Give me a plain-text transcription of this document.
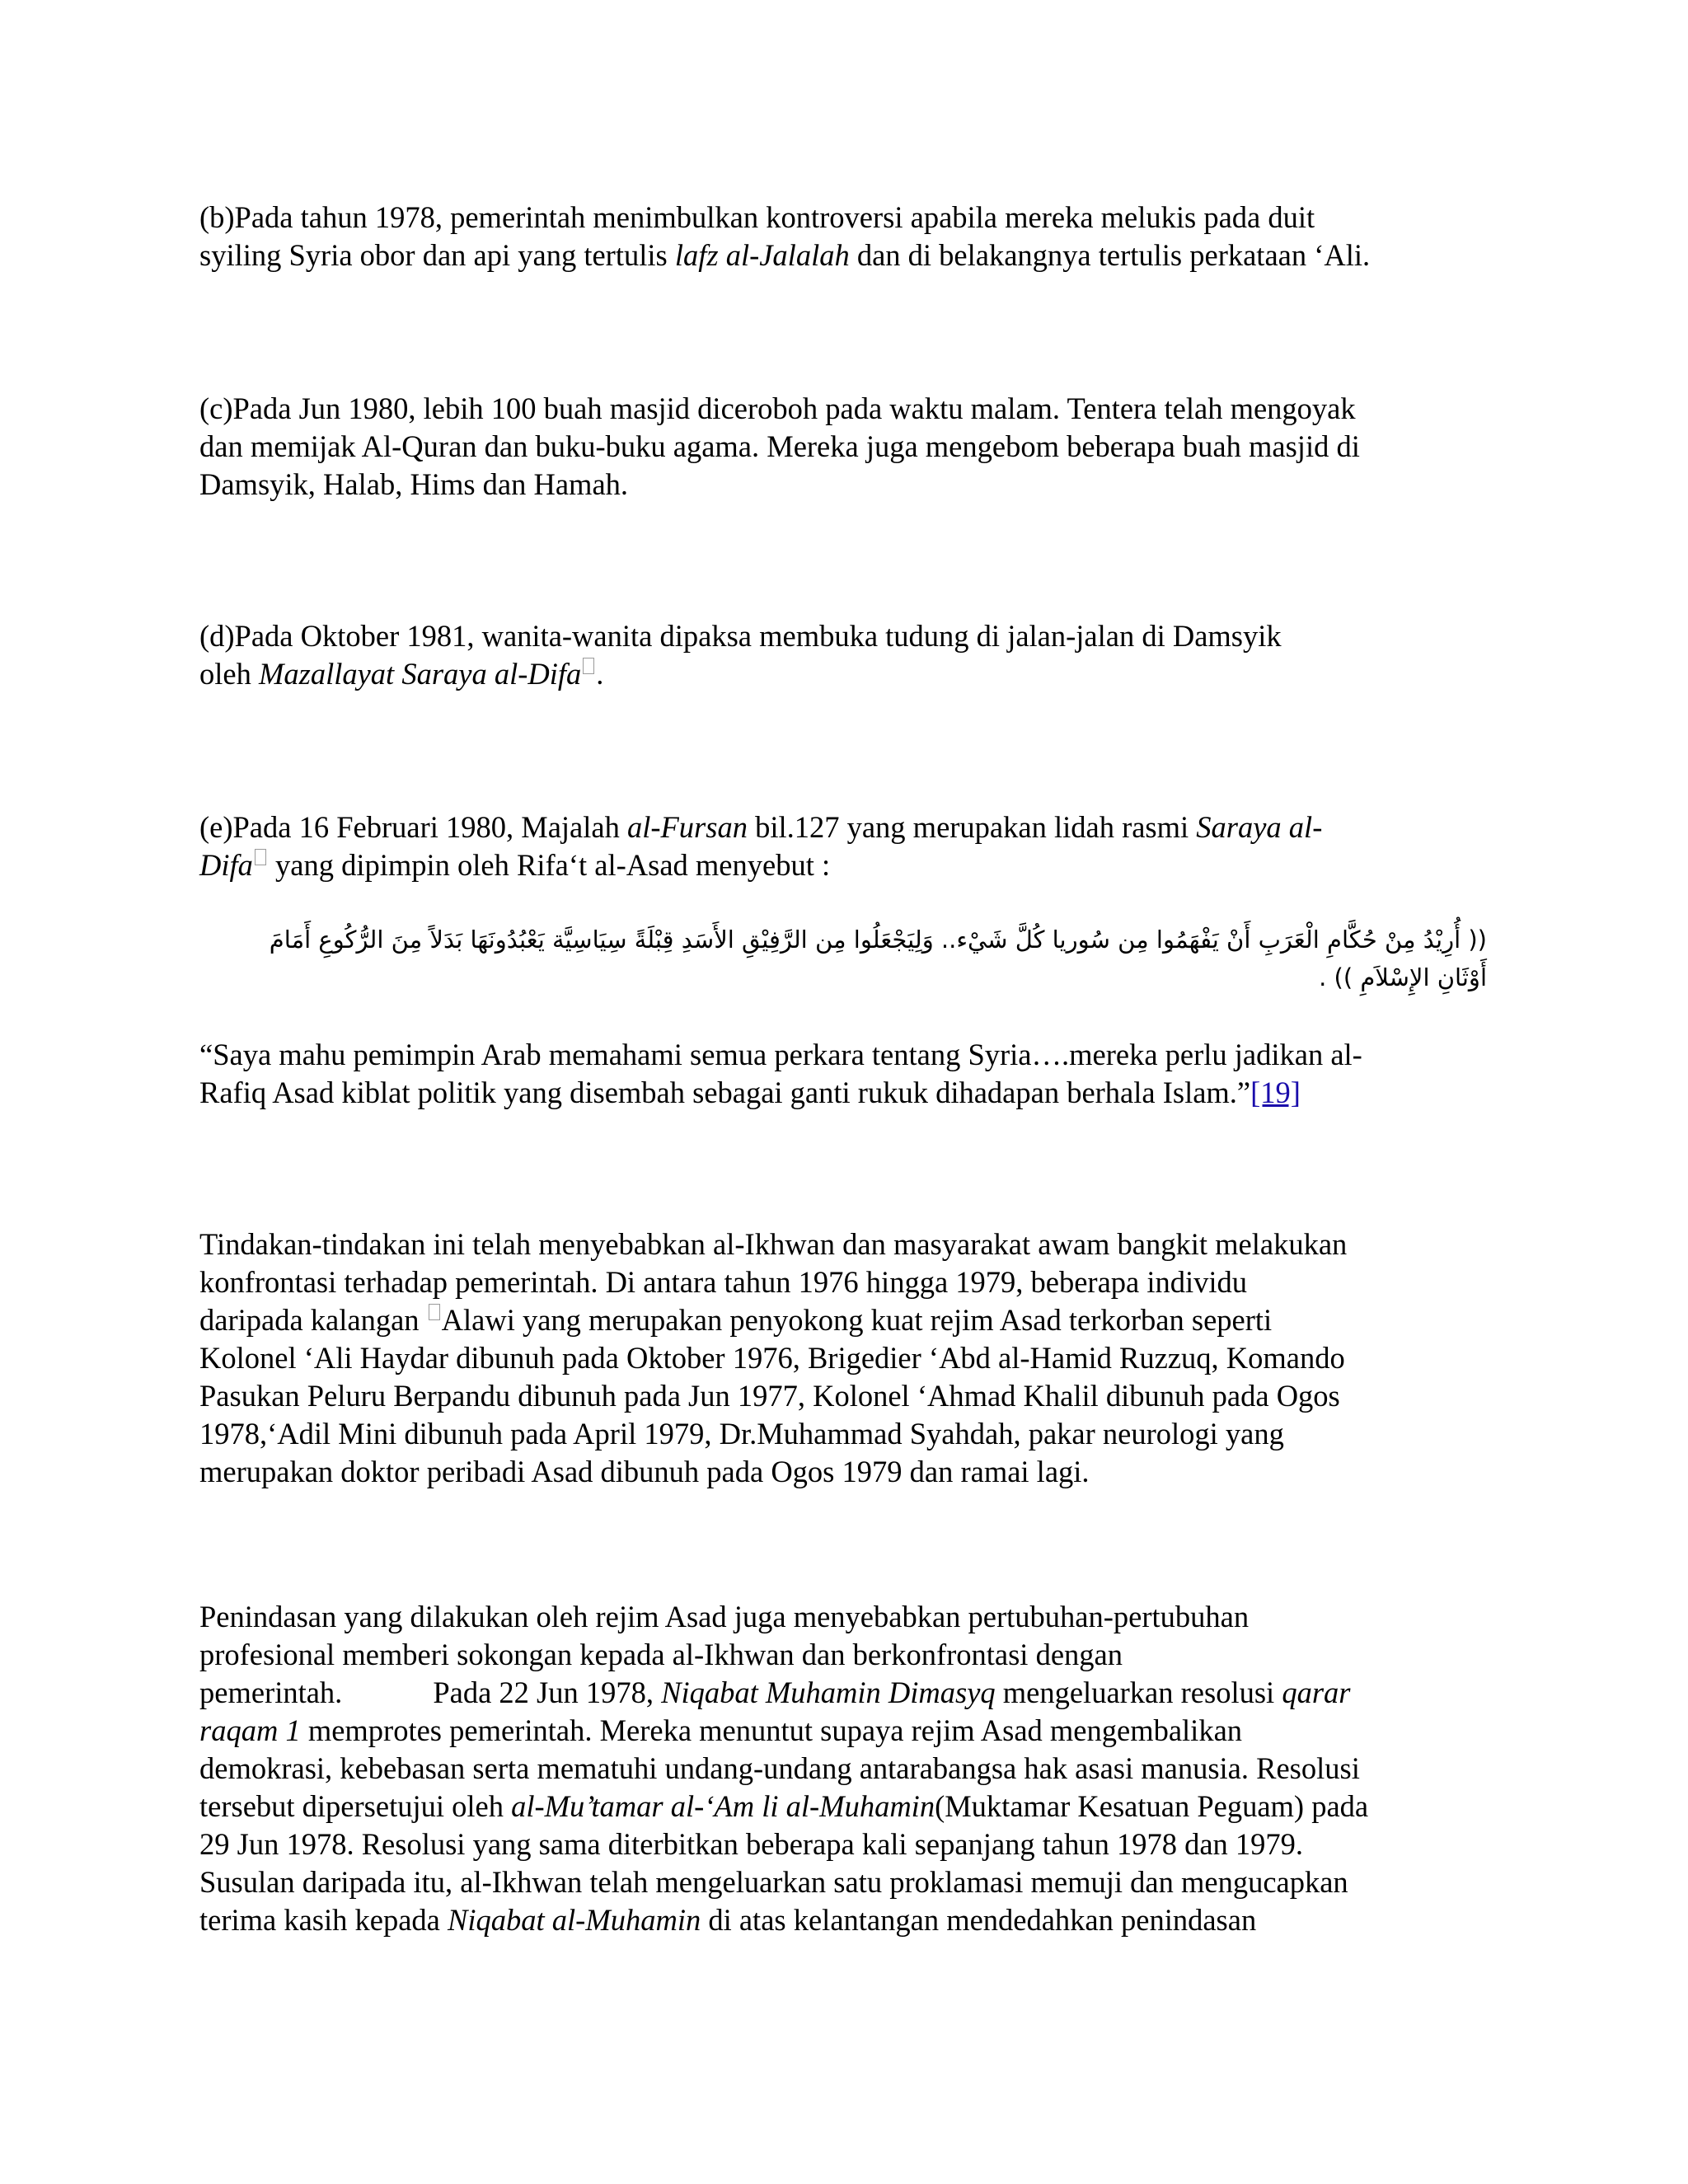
(b)Pada tahun 1978, pemerintah menimbulkan kontroversi apabila mereka melukis pada duit
syiling Syria obor dan api yang tertulis lafz al-Jalalah dan di belakangnya tertulis perkataan ‘Ali.
(c)Pada Jun 1980, lebih 100 buah masjid diceroboh pada waktu malam. Tentera telah mengoyak
dan memijak Al-Quran dan buku-buku agama. Mereka juga mengebom beberapa buah masjid di
Damsyik, Halab, Hims dan Hamah.
(d)Pada Oktober 1981, wanita-wanita dipaksa membuka tudung di jalan-jalan di Damsyik
oleh Mazallayat Saraya al-Difa .
(e)Pada 16 Februari 1980, Majalah al-Fursan bil.127 yang merupakan lidah rasmi Saraya al-
Difa yang dipimpin oleh Rifa‘t al-Asad menyebut :
(( أُرِيْدُ مِنْ حُكَّامِ الْعَرَبِ أَنْ يَفْهَمُوا مِن سُوريا كُلَّ شَيْء.. وَلِيَجْعَلُوا مِن الرَّفِيْقِ الأَسَدِ قِبْلَةً سِيَاسِيَّة يَعْبُدُونَهَا بَدَلاً مِنَ الرُّكُوعِ أَمَامَ
أَوْثَانِ الإِسْلاَمِ )) .
“Saya mahu pemimpin Arab memahami semua perkara tentang Syria….mereka perlu jadikan al-
Rafiq Asad kiblat politik yang disembah sebagai ganti rukuk dihadapan berhala Islam.”[19]
Tindakan-tindakan ini telah menyebabkan al-Ikhwan dan masyarakat awam bangkit melakukan
konfrontasi terhadap pemerintah. Di antara tahun 1976 hingga 1979, beberapa individu
daripada kalangan Alawi yang merupakan penyokong kuat rejim Asad terkorban seperti
Kolonel ‘Ali Haydar dibunuh pada Oktober 1976, Brigedier ‘Abd al-Hamid Ruzzuq, Komando
Pasukan Peluru Berpandu dibunuh pada Jun 1977, Kolonel ‘Ahmad Khalil dibunuh pada Ogos
1978,‘Adil Mini dibunuh pada April 1979, Dr.Muhammad Syahdah, pakar neurologi yang
merupakan doktor peribadi Asad dibunuh pada Ogos 1979 dan ramai lagi.
Penindasan yang dilakukan oleh rejim Asad juga menyebabkan pertubuhan-pertubuhan
profesional memberi sokongan kepada al-Ikhwan dan berkonfrontasi dengan
pemerintah.	Pada 22 Jun 1978, Niqabat Muhamin Dimasyq mengeluarkan resolusi qarar
raqam 1 memprotes pemerintah. Mereka menuntut supaya rejim Asad mengembalikan
demokrasi, kebebasan serta mematuhi undang-undang antarabangsa hak asasi manusia. Resolusi
tersebut dipersetujui oleh al-Mu’tamar al-‘Am li al-Muhamin(Muktamar Kesatuan Peguam) pada
29 Jun 1978. Resolusi yang sama diterbitkan beberapa kali sepanjang tahun 1978 dan 1979.
Susulan daripada itu, al-Ikhwan telah mengeluarkan satu proklamasi memuji dan mengucapkan
terima kasih kepada Niqabat al-Muhamin di atas kelantangan mendedahkan penindasan
